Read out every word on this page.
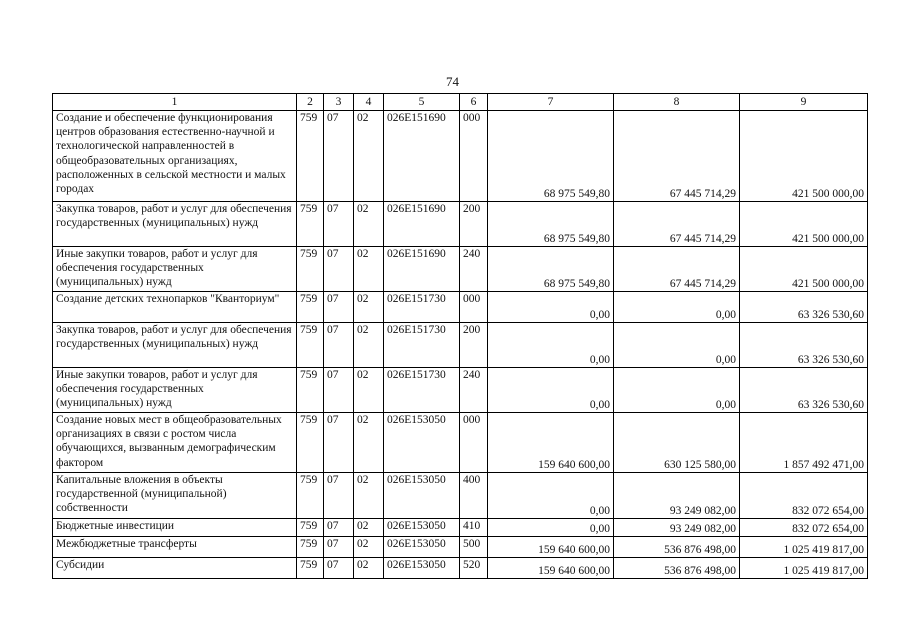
74
1	2	3	4	5	6	7	8	9
Создание и обеспечение функционирования центров образования естественно-научной и технологической направленностей в общеобразовательных организациях, расположенных в сельской местности и малых городах	759	07	02	026Е151690	000	68 975 549,80	67 445 714,29	421 500 000,00
Закупка товаров, работ и услуг для обеспечения государственных (муниципальных) нужд	759	07	02	026Е151690	200	68 975 549,80	67 445 714,29	421 500 000,00
Иные закупки товаров, работ и услуг для обеспечения государственных (муниципальных) нужд	759	07	02	026Е151690	240	68 975 549,80	67 445 714,29	421 500 000,00
Создание детских технопарков "Кванториум"	759	07	02	026Е151730	000	0,00	0,00	63 326 530,60
Закупка товаров, работ и услуг для обеспечения государственных (муниципальных) нужд	759	07	02	026Е151730	200	0,00	0,00	63 326 530,60
Иные закупки товаров, работ и услуг для обеспечения государственных (муниципальных) нужд	759	07	02	026Е151730	240	0,00	0,00	63 326 530,60
Создание новых мест в общеобразовательных организациях в связи с ростом числа обучающихся, вызванным демографическим фактором	759	07	02	026Е153050	000	159 640 600,00	630 125 580,00	1 857 492 471,00
Капитальные вложения в объекты государственной (муниципальной) собственности	759	07	02	026Е153050	400	0,00	93 249 082,00	832 072 654,00
Бюджетные инвестиции	759	07	02	026Е153050	410	0,00	93 249 082,00	832 072 654,00
Межбюджетные трансферты	759	07	02	026Е153050	500	159 640 600,00	536 876 498,00	1 025 419 817,00
Субсидии	759	07	02	026Е153050	520	159 640 600,00	536 876 498,00	1 025 419 817,00
